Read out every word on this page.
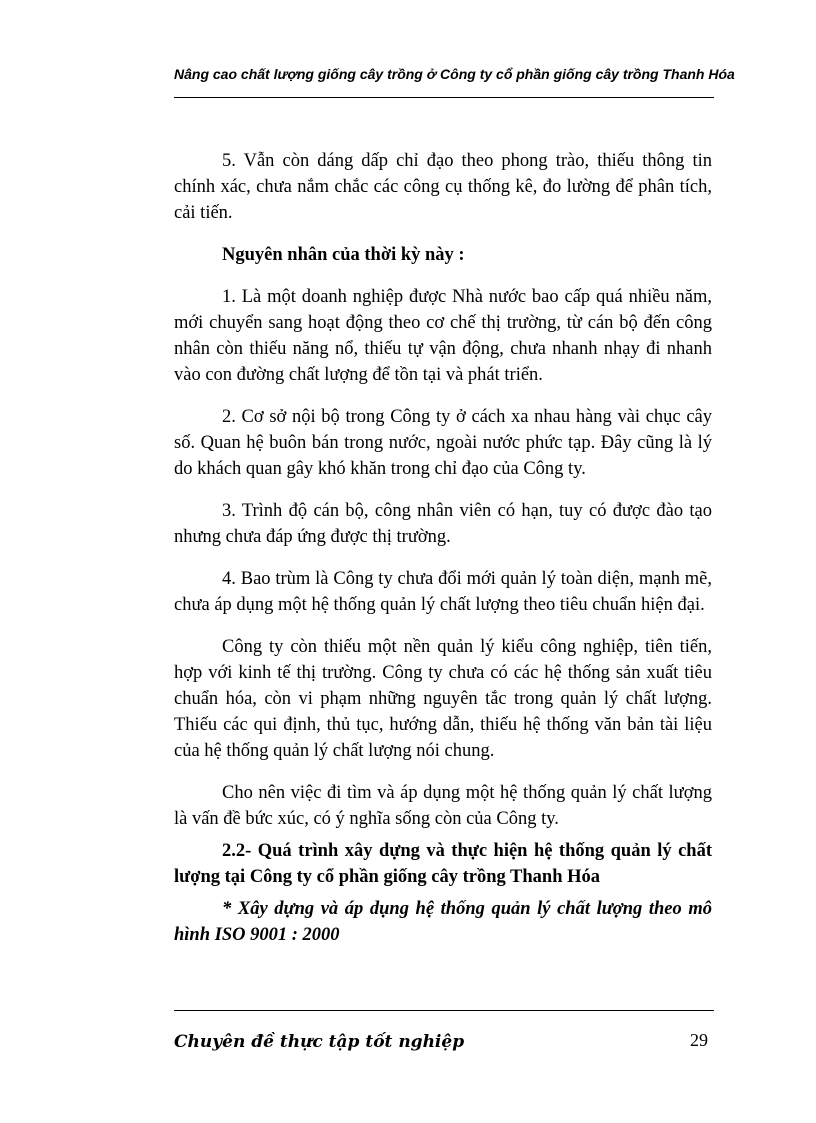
Nâng cao chất lượng giống cây trồng ở Công ty cổ phần giống cây trồng Thanh Hóa

5. Vẫn còn dáng dấp chỉ đạo theo phong trào, thiếu thông tin chính xác, chưa nắm chắc các công cụ thống kê, đo lường để phân tích, cải tiến.

Nguyên nhân của thời kỳ này :

1. Là một doanh nghiệp được Nhà nước bao cấp quá nhiều năm, mới chuyển sang hoạt động theo cơ chế thị trường, từ cán bộ đến công nhân còn thiếu năng nổ, thiếu tự vận động, chưa nhanh nhạy đi nhanh vào con đường chất lượng để tồn tại và phát triển.

2. Cơ sở nội bộ trong Công ty ở cách xa nhau hàng vài chục cây số. Quan hệ buôn bán trong nước, ngoài nước phức tạp. Đây cũng là lý do khách quan gây khó khăn trong chỉ đạo của Công ty.

3. Trình độ cán bộ, công nhân viên có hạn, tuy có được đào tạo nhưng chưa đáp ứng được thị trường.

4. Bao trùm là Công ty chưa đổi mới quản lý toàn diện, mạnh mẽ, chưa áp dụng một hệ thống quản lý chất lượng theo tiêu chuẩn hiện đại.

Công ty còn thiếu một nền quản lý kiểu công nghiệp, tiên tiến, hợp với kinh tế thị trường. Công ty chưa có các hệ thống sản xuất tiêu chuẩn hóa, còn vi phạm những nguyên tắc trong quản lý chất lượng. Thiếu các qui định, thủ tục, hướng dẫn, thiếu hệ thống văn bản tài liệu của hệ thống quản lý chất lượng nói chung.

Cho nên việc đi tìm và áp dụng một hệ thống quản lý chất lượng là vấn đề bức xúc, có ý nghĩa sống còn của Công ty.

2.2- Quá trình xây dựng và thực hiện hệ thống quản lý chất lượng tại Công ty cổ phần giống cây trồng Thanh Hóa

* Xây dựng và áp dụng hệ thống quản lý chất lượng theo mô hình ISO 9001 : 2000

Chuyên đề thực tập tốt nghiệp	29
